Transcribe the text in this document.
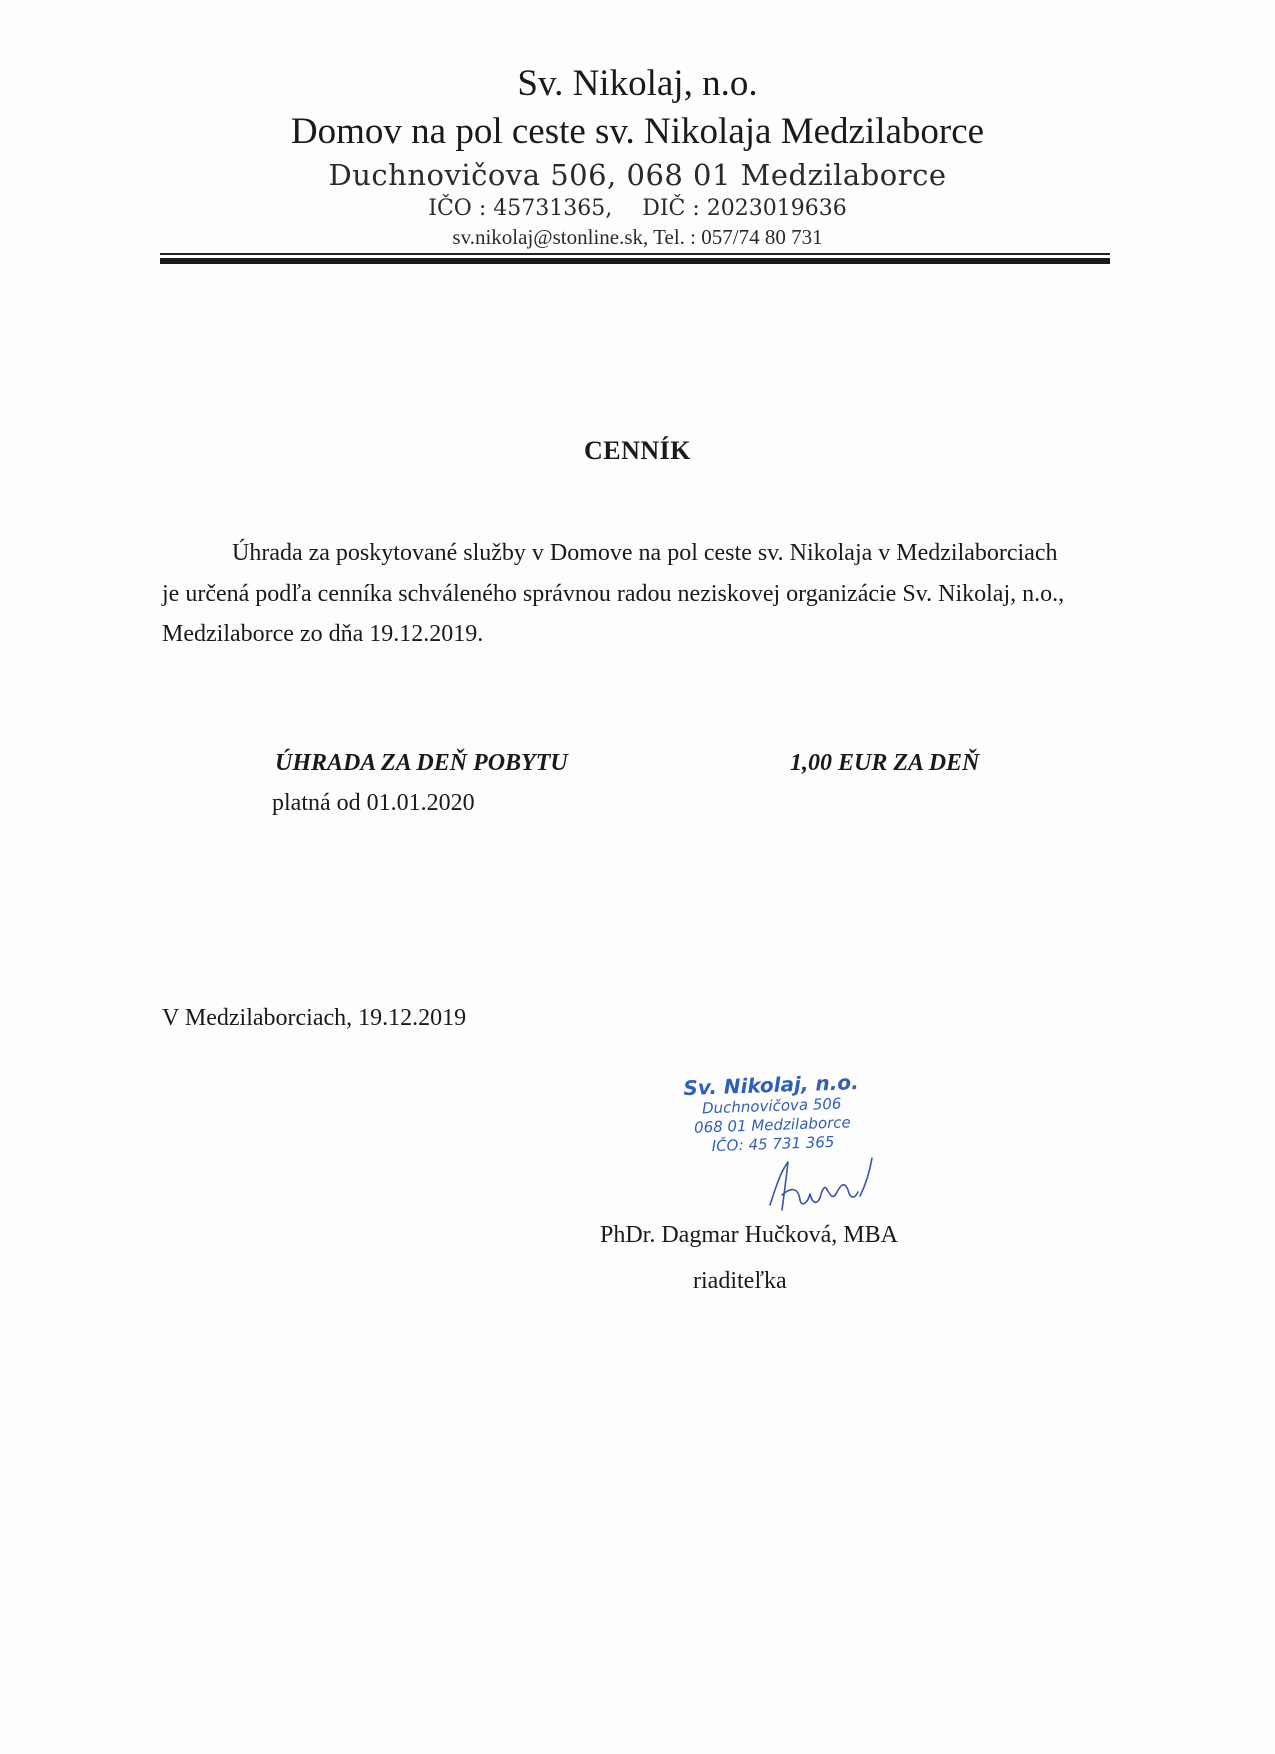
Sv. Nikolaj, n.o.
Domov na pol ceste sv. Nikolaja Medzilaborce
Duchnovičova 506, 068 01 Medzilaborce
IČO : 45731365, DIČ : 2023019636
sv.nikolaj@stonline.sk, Tel. : 057/74 80 731
CENNÍK
Úhrada za poskytované služby v Domove na pol ceste sv. Nikolaja v Medzilaborciach
je určená podľa cenníka schváleného správnou radou neziskovej organizácie Sv. Nikolaj, n.o.,
Medzilaborce zo dňa 19.12.2019.
ÚHRADA ZA DEŇ POBYTU	1,00 EUR ZA DEŇ
platná od 01.01.2020
V Medzilaborciach, 19.12.2019
Sv. Nikolaj, n.o.
Duchnovičova 506
068 01 Medzilaborce
IČO: 45 731 365
PhDr. Dagmar Hučková, MBA
riaditeľka
